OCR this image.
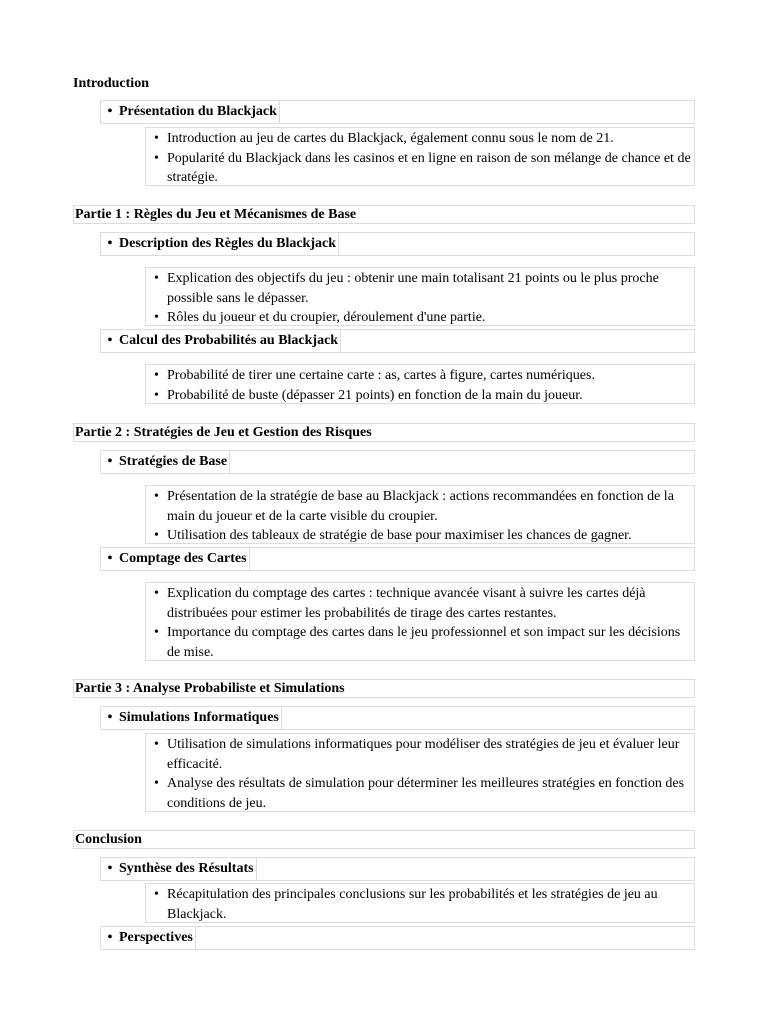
Introduction
• Présentation du Blackjack
• Introduction au jeu de cartes du Blackjack, également connu sous le nom de 21.
• Popularité du Blackjack dans les casinos et en ligne en raison de son mélange de chance et de stratégie.
Partie 1 : Règles du Jeu et Mécanismes de Base
• Description des Règles du Blackjack
• Explication des objectifs du jeu : obtenir une main totalisant 21 points ou le plus proche possible sans le dépasser.
• Rôles du joueur et du croupier, déroulement d'une partie.
• Calcul des Probabilités au Blackjack
• Probabilité de tirer une certaine carte : as, cartes à figure, cartes numériques.
• Probabilité de buste (dépasser 21 points) en fonction de la main du joueur.
Partie 2 : Stratégies de Jeu et Gestion des Risques
• Stratégies de Base
• Présentation de la stratégie de base au Blackjack : actions recommandées en fonction de la main du joueur et de la carte visible du croupier.
• Utilisation des tableaux de stratégie de base pour maximiser les chances de gagner.
• Comptage des Cartes
• Explication du comptage des cartes : technique avancée visant à suivre les cartes déjà distribuées pour estimer les probabilités de tirage des cartes restantes.
• Importance du comptage des cartes dans le jeu professionnel et son impact sur les décisions de mise.
Partie 3 : Analyse Probabiliste et Simulations
• Simulations Informatiques
• Utilisation de simulations informatiques pour modéliser des stratégies de jeu et évaluer leur efficacité.
• Analyse des résultats de simulation pour déterminer les meilleures stratégies en fonction des conditions de jeu.
Conclusion
• Synthèse des Résultats
• Récapitulation des principales conclusions sur les probabilités et les stratégies de jeu au Blackjack.
• Perspectives
